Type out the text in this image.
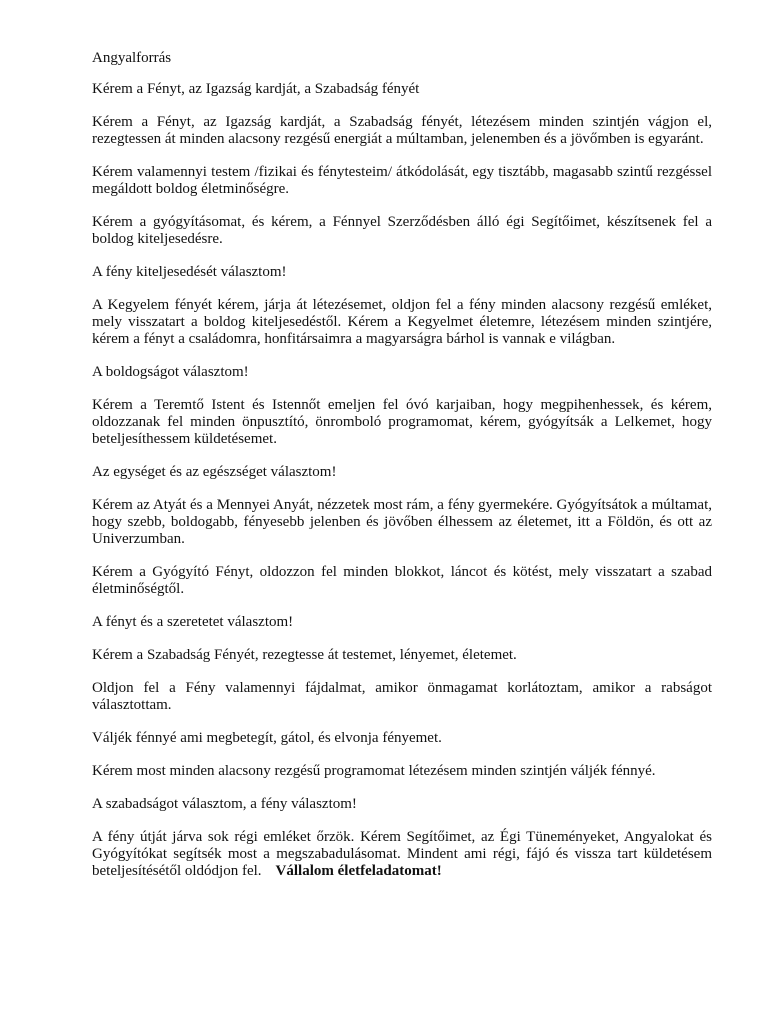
Angyalforrás

Kérem a Fényt, az Igazság kardját, a Szabadság fényét

Kérem a Fényt, az Igazság kardját, a Szabadság fényét, létezésem minden szintjén vágjon el, rezegtessen át minden alacsony rezgésű energiát a múltamban, jelenemben és a jövőmben is egyaránt.

Kérem valamennyi testem /fizikai és fénytesteim/ átkódolását, egy tisztább, magasabb szintű rezgéssel megáldott boldog életminőségre.

Kérem a gyógyításomat, és kérem, a Fénnyel Szerződésben álló égi Segítőimet, készítsenek fel a boldog kiteljesedésre.

A fény kiteljesedését választom!

A Kegyelem fényét kérem, járja át létezésemet, oldjon fel a fény minden alacsony rezgésű emléket, mely visszatart a boldog kiteljesedéstől. Kérem a Kegyelmet életemre, létezésem minden szintjére, kérem a fényt a családomra, honfitársaimra a magyarságra bárhol is vannak e világban.

A boldogságot választom!

Kérem a Teremtő Istent és Istennőt emeljen fel óvó karjaiban, hogy megpihenhessek, és kérem, oldozzanak fel minden önpusztító, önromboló programomat, kérem, gyógyítsák a Lelkemet, hogy beteljesíthessem küldetésemet.

Az egységet és az egészséget választom!

Kérem az Atyát és a Mennyei Anyát, nézzetek most rám, a fény gyermekére. Gyógyítsátok a múltamat, hogy szebb, boldogabb, fényesebb jelenben és jövőben élhessem az életemet, itt a Földön, és ott az Univerzumban.

Kérem a Gyógyító Fényt, oldozzon fel minden blokkot, láncot és kötést, mely visszatart a szabad életminőségtől.

A fényt és a szeretetet választom!

Kérem a Szabadság Fényét, rezegtesse át testemet, lényemet, életemet.

Oldjon fel a Fény valamennyi fájdalmat, amikor önmagamat korlátoztam, amikor a rabságot választottam.

Váljék fénnyé ami megbetegít, gátol, és elvonja fényemet.

Kérem most minden alacsony rezgésű programomat létezésem minden szintjén váljék fénnyé.

A szabadságot választom, a fény választom!

A fény útját járva sok régi emléket őrzök. Kérem Segítőimet, az Égi Tüneményeket, Angyalokat és Gyógyítókat segítsék most a megszabadulásomat. Mindent ami régi, fájó és vissza tart küldetésem beteljesítésétől oldódjon fel. Vállalom életfeladatomat!
